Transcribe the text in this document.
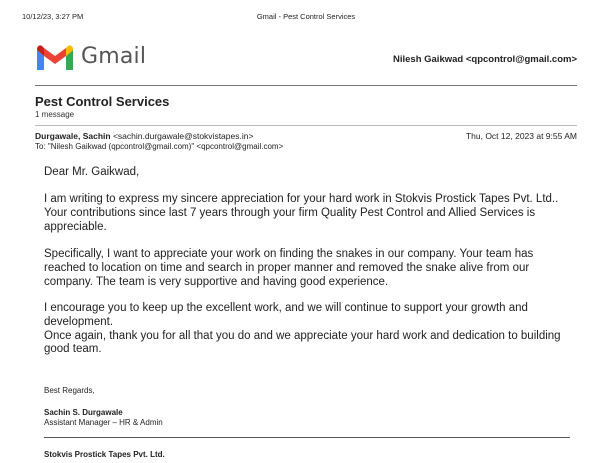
10/12/23, 3:27 PM	Gmail - Pest Control Services
Gmail	Nilesh Gaikwad <qpcontrol@gmail.com>
Pest Control Services
1 message
Durgawale, Sachin <sachin.durgawale@stokvistapes.in>	Thu, Oct 12, 2023 at 9:55 AM
To: "Nilesh Gaikwad (qpcontrol@gmail.com)" <qpcontrol@gmail.com>
Dear Mr. Gaikwad,
I am writing to express my sincere appreciation for your hard work in Stokvis Prostick Tapes Pvt. Ltd.. Your contributions since last 7 years through your firm Quality Pest Control and Allied Services is appreciable.
Specifically, I want to appreciate your work on finding the snakes in our company. Your team has reached to location on time and search in proper manner and removed the snake alive from our company. The team is very supportive and having good experience.
I encourage you to keep up the excellent work, and we will continue to support your growth and development.
Once again, thank you for all that you do and we appreciate your hard work and dedication to building good team.
Best Regards,
Sachin S. Durgawale
Assistant Manager – HR & Admin
Stokvis Prostick Tapes Pvt. Ltd.
